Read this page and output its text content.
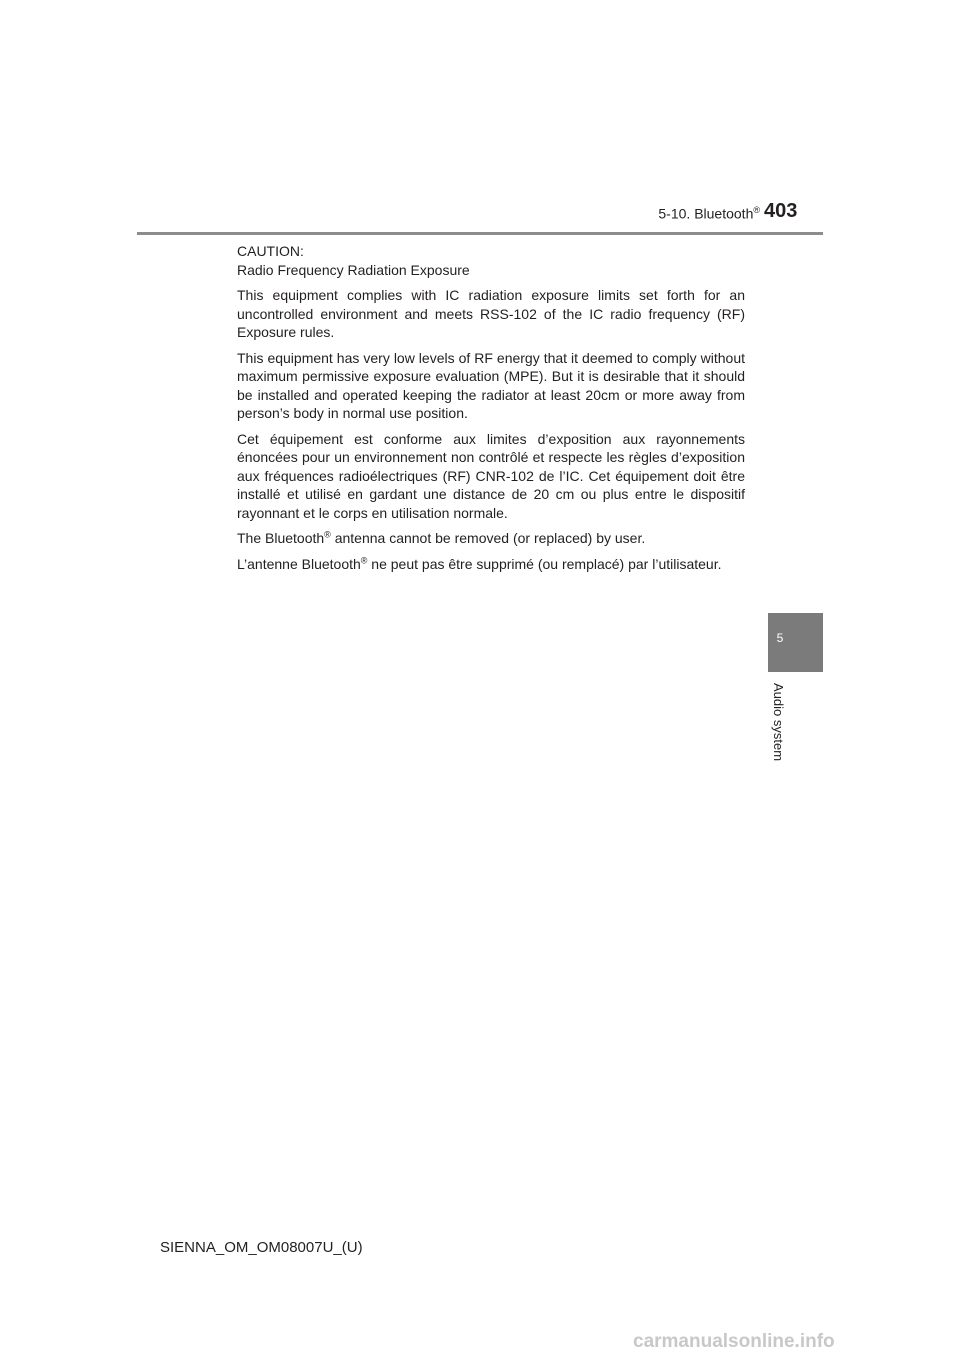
5-10. Bluetooth® 403

CAUTION:

Radio Frequency Radiation Exposure

This equipment complies with IC radiation exposure limits set forth for an uncontrolled environment and meets RSS-102 of the IC radio frequency (RF) Exposure rules.

This equipment has very low levels of RF energy that it deemed to comply without maximum permissive exposure evaluation (MPE). But it is desirable that it should be installed and operated keeping the radiator at least 20cm or more away from person’s body in normal use position.

Cet équipement est conforme aux limites d’exposition aux rayonnements énoncées pour un environnement non contrôlé et respecte les règles d’exposition aux fréquences radioélectriques (RF) CNR-102 de l’IC. Cet équipement doit être installé et utilisé en gardant une distance de 20 cm ou plus entre le dispositif rayonnant et le corps en utilisation normale.

The Bluetooth® antenna cannot be removed (or replaced) by user.

L’antenne Bluetooth® ne peut pas être supprimé (ou remplacé) par l’utilisateur.

5
Audio system
SIENNA_OM_OM08007U_(U)
carmanualsonline.info
